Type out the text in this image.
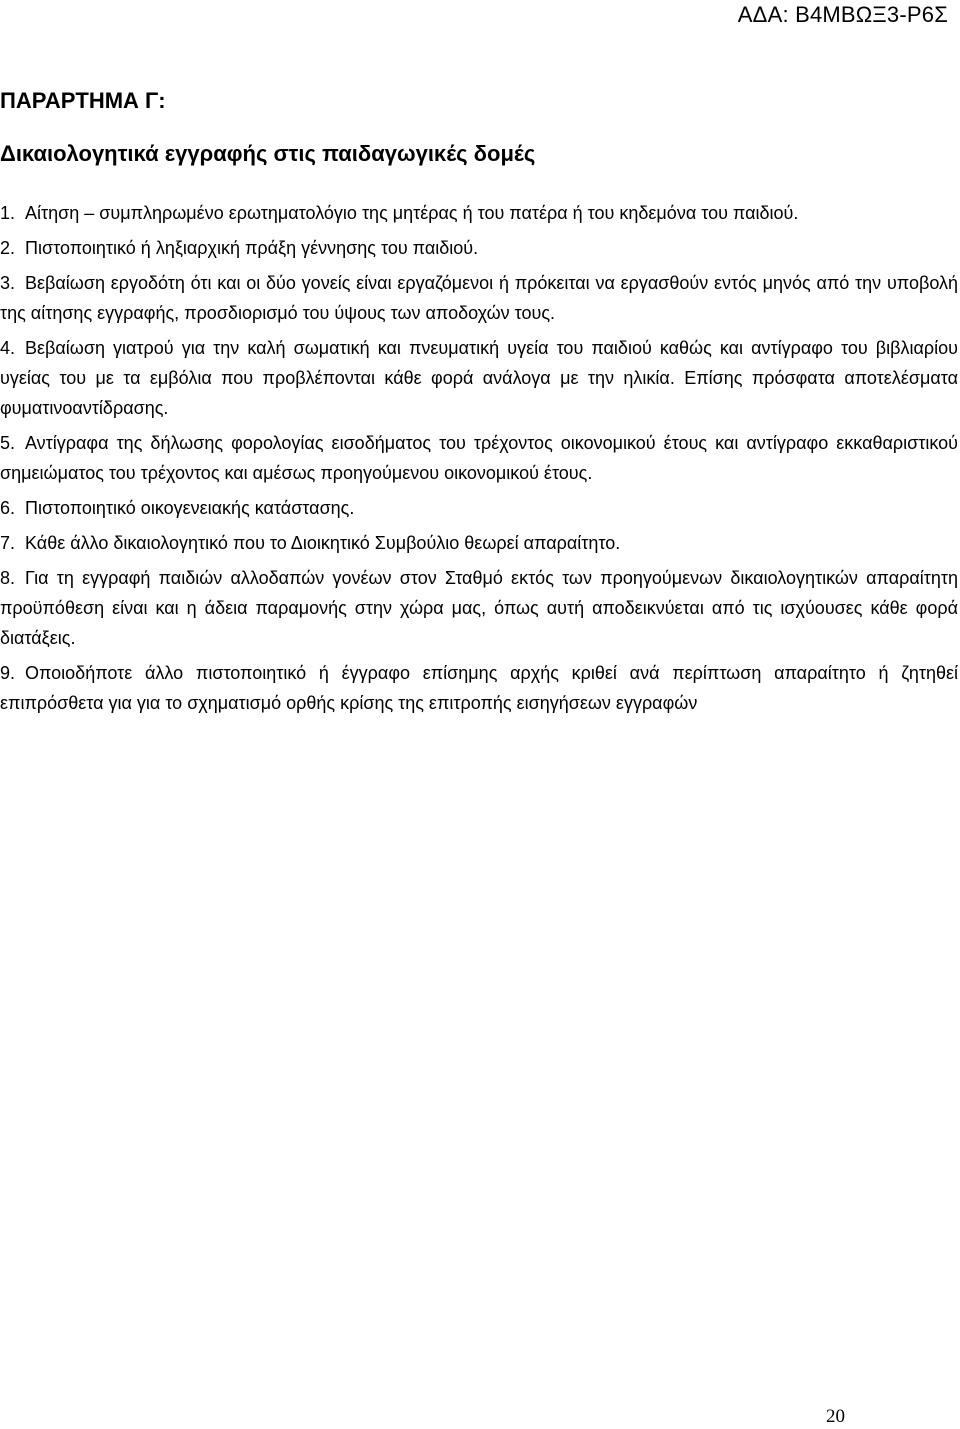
ΑΔΑ: Β4ΜΒΩΞ3-Ρ6Σ
ΠΑΡΑΡΤΗΜΑ Γ:
Δικαιολογητικά εγγραφής στις παιδαγωγικές δομές
1. Αίτηση – συμπληρωμένο ερωτηματολόγιο της μητέρας ή του πατέρα ή του κηδεμόνα του παιδιού.
2. Πιστοποιητικό ή ληξιαρχική πράξη γέννησης του παιδιού.
3. Βεβαίωση εργοδότη ότι και οι δύο γονείς είναι εργαζόμενοι ή πρόκειται να εργασθούν εντός μηνός από την υποβολή της αίτησης εγγραφής, προσδιορισμό του ύψους των αποδοχών τους.
4. Βεβαίωση γιατρού για την καλή σωματική και πνευματική υγεία του παιδιού καθώς και αντίγραφο του βιβλιαρίου υγείας του με τα εμβόλια που προβλέπονται κάθε φορά ανάλογα με την ηλικία. Επίσης πρόσφατα αποτελέσματα φυματινοαντίδρασης.
5. Αντίγραφα της δήλωσης φορολογίας εισοδήματος του τρέχοντος οικονομικού έτους και αντίγραφο εκκαθαριστικού σημειώματος του τρέχοντος και αμέσως προηγούμενου οικονομικού έτους.
6. Πιστοποιητικό οικογενειακής κατάστασης.
7. Κάθε άλλο δικαιολογητικό που το Διοικητικό Συμβούλιο θεωρεί απαραίτητο.
8. Για τη εγγραφή παιδιών αλλοδαπών γονέων στον Σταθμό εκτός των προηγούμενων δικαιολογητικών απαραίτητη προϋπόθεση είναι και η άδεια παραμονής στην χώρα μας, όπως αυτή αποδεικνύεται από τις ισχύουσες κάθε φορά διατάξεις.
9. Οποιοδήποτε άλλο πιστοποιητικό ή έγγραφο επίσημης αρχής κριθεί ανά περίπτωση απαραίτητο ή ζητηθεί επιπρόσθετα για για το σχηματισμό ορθής κρίσης της επιτροπής εισηγήσεων εγγραφών
20
